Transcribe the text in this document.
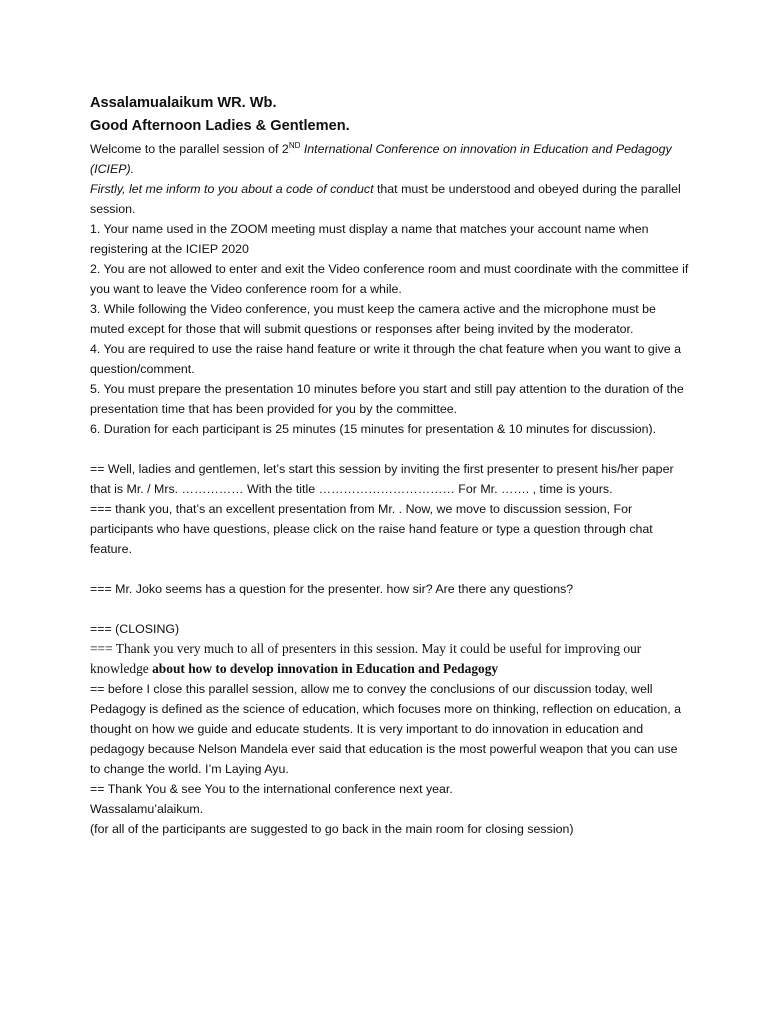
Assalamualaikum WR. Wb.
Good Afternoon Ladies & Gentlemen.

Welcome to the parallel session of 2ND International Conference on innovation in Education and Pedagogy (ICIEP).

Firstly, let me inform to you about a code of conduct that must be understood and obeyed during the parallel session.

1. Your name used in the ZOOM meeting must display a name that matches your account name when registering at the ICIEP 2020

2. You are not allowed to enter and exit the Video conference room and must coordinate with the committee if you want to leave the Video conference room for a while.

3. While following the Video conference, you must keep the camera active and the microphone must be muted except for those that will submit questions or responses after being invited by the moderator.

4. You are required to use the raise hand feature or write it through the chat feature when you want to give a question/comment.

5. You must prepare the presentation 10 minutes before you start and still pay attention to the duration of the presentation time that has been provided for you by the committee.

6. Duration for each participant is 25 minutes (15 minutes for presentation & 10 minutes for discussion).

== Well, ladies and gentlemen, let’s start this session by inviting the first presenter to present his/her paper that is Mr. / Mrs. …………… With the title …………………………… For Mr. ……. , time is yours.

=== thank you, that’s an excellent presentation from Mr. . Now, we move to discussion session, For participants who have questions, please click on the raise hand feature or type a question through chat feature.

=== Mr. Joko seems has a question for the presenter. how sir? Are there any questions?

=== (CLOSING)

=== Thank you very much to all of presenters in this session. May it could be useful for improving our knowledge about how to develop innovation in Education and Pedagogy

== before I close this parallel session, allow me to convey the conclusions of our discussion today, well Pedagogy is defined as the science of education, which focuses more on thinking, reflection on education, a thought on how we guide and educate students. It is very important to do innovation in education and pedagogy because Nelson Mandela ever said that education is the most powerful weapon that you can use to change the world. I’m Laying Ayu.

== Thank You & see You to the international conference next year.

Wassalamu’alaikum.

(for all of the participants are suggested to go back in the main room for closing session)
